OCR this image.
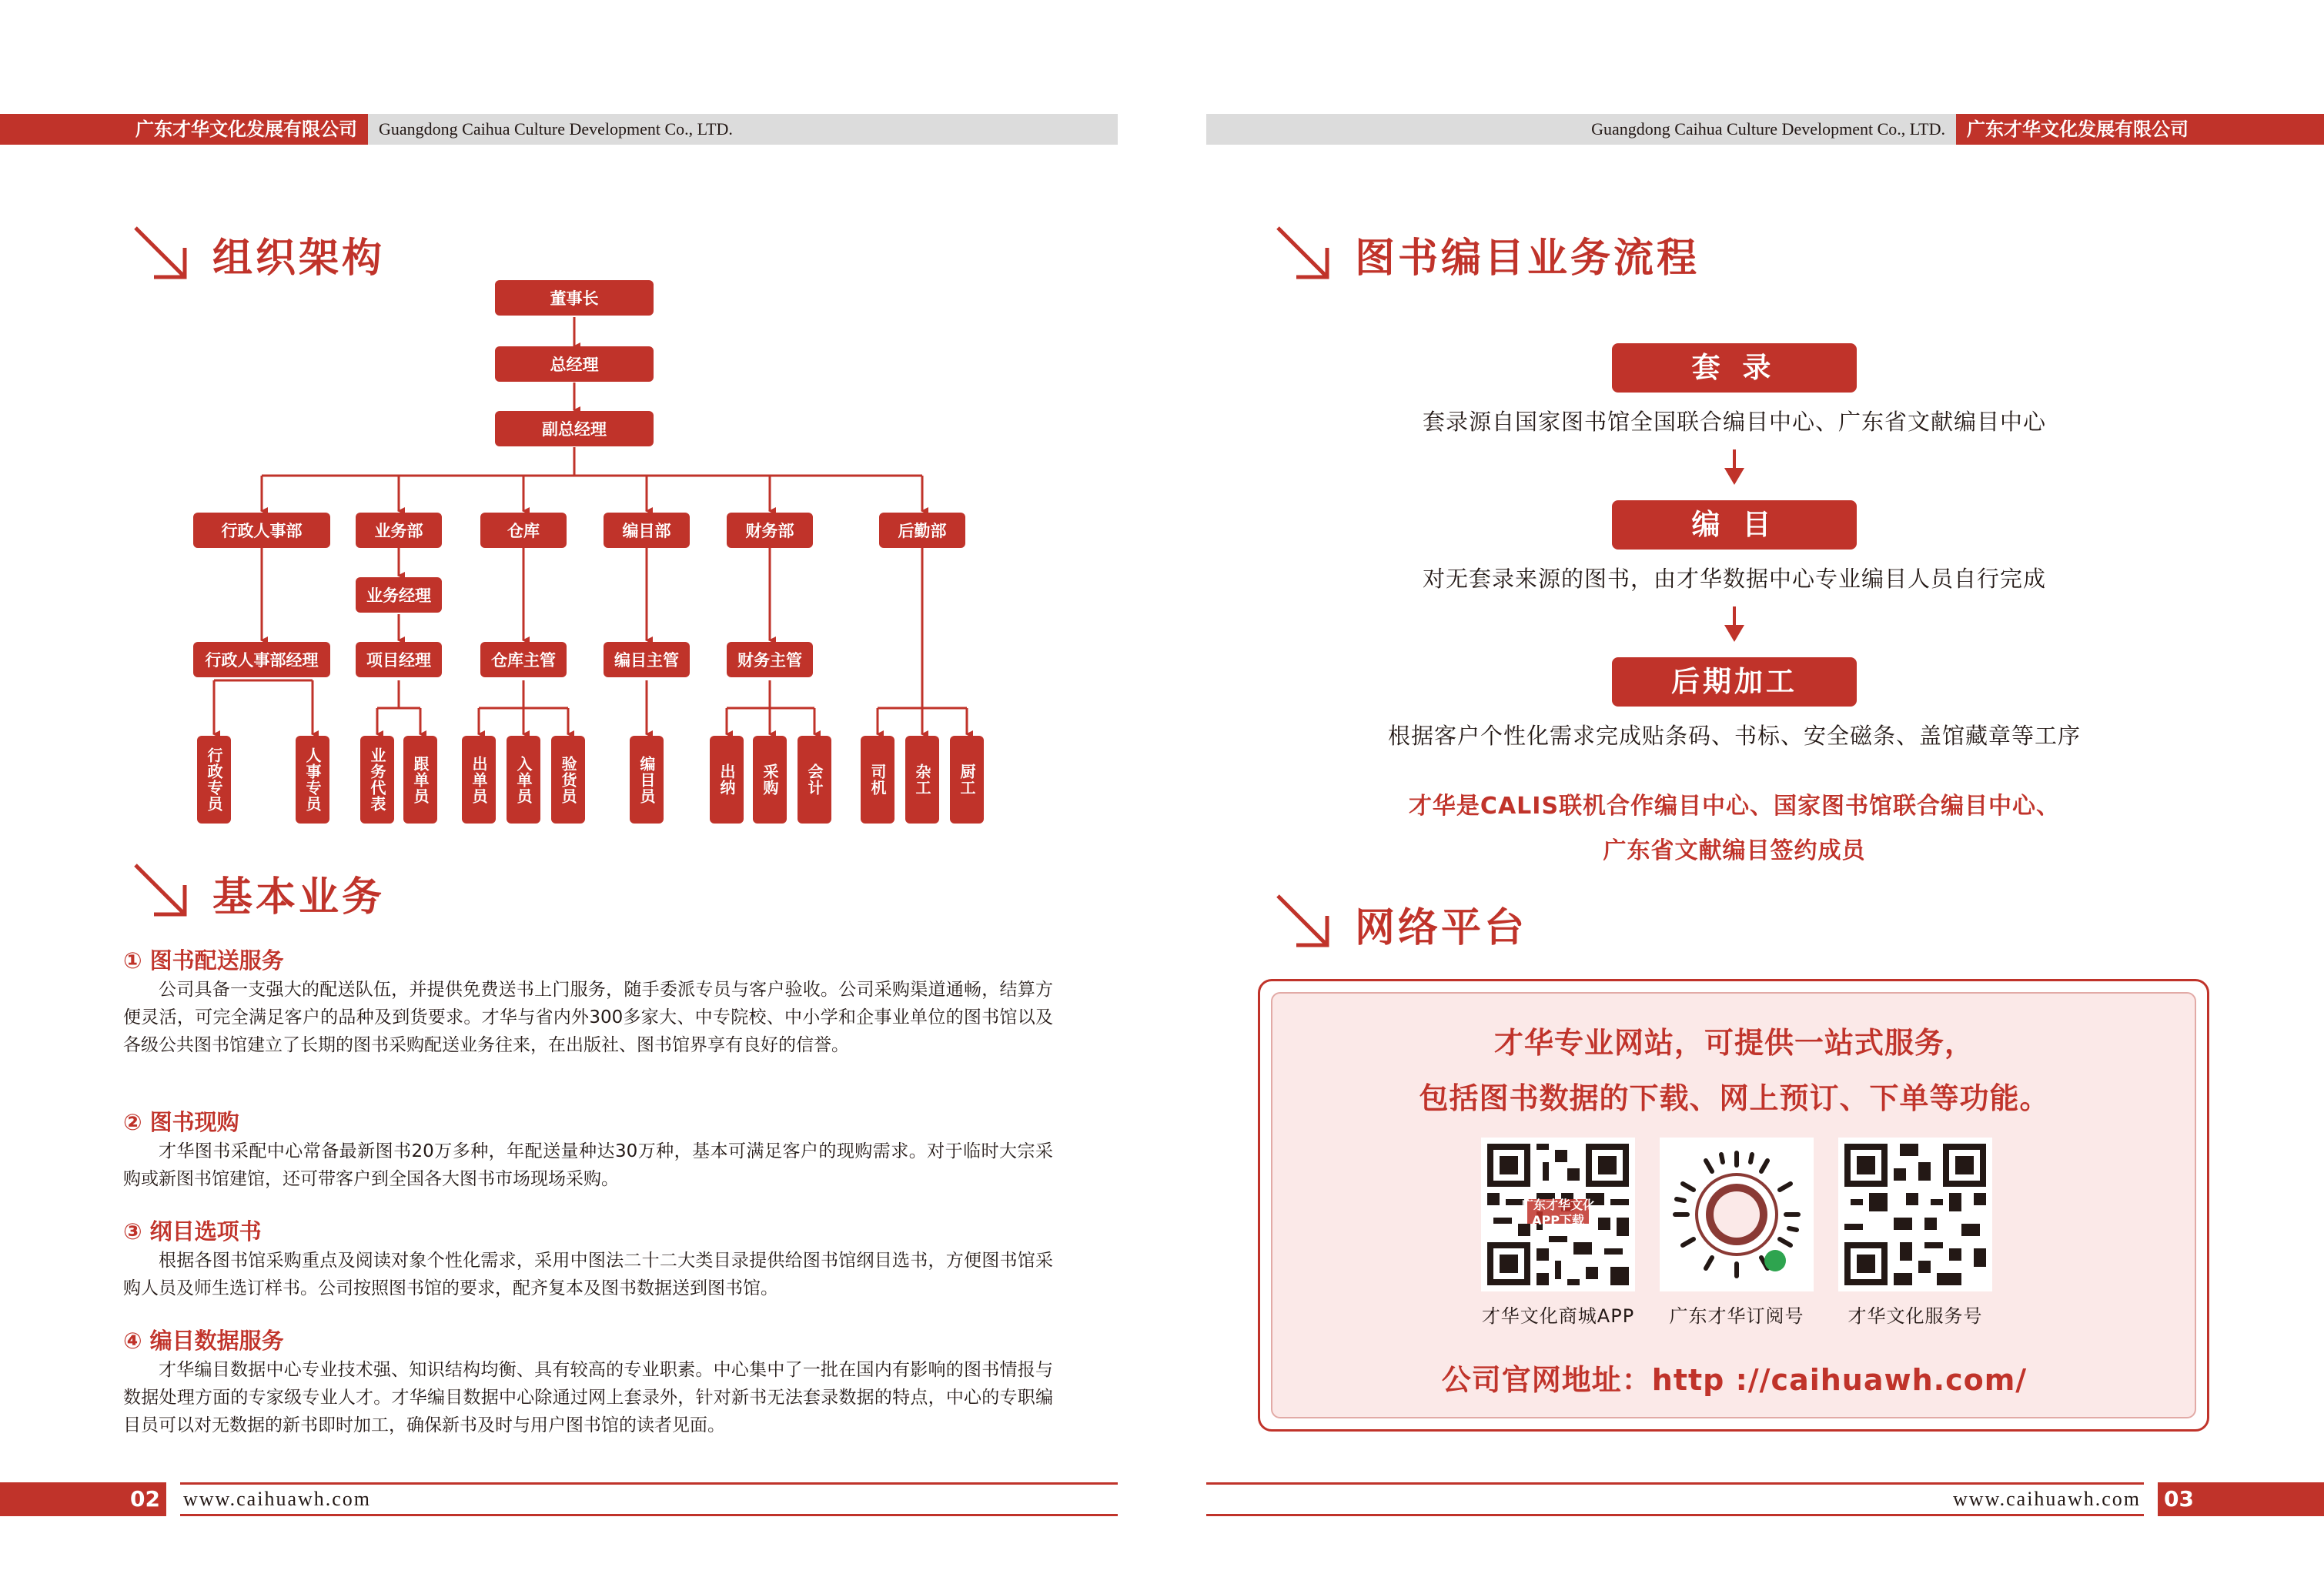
广东才华文化发展有限公司	Guangdong Caihua Culture Development Co., LTD.	Guangdong Caihua Culture Development Co., LTD.	广东才华文化发展有限公司
组织架构
董事长
总经理
副总经理
行政人事部	业务部	仓库	编目部	财务部	后勤部
业务经理
行政人事部经理	项目经理	仓库主管	编目主管	财务主管
行政专员	人事专员	业务代表	跟单员	出单员	入单员	验货员	编目员	出纳	采购	会计	司机	杂工	厨工
基本业务
① 图书配送服务
公司具备一支强大的配送队伍，并提供免费送书上门服务，随手委派专员与客户验收。公司采购渠道通畅，结算方便灵活，可完全满足客户的品种及到货要求。才华与省内外300多家大、中专院校、中小学和企事业单位的图书馆以及各级公共图书馆建立了长期的图书采购配送业务往来，在出版社、图书馆界享有良好的信誉。
② 图书现购
才华图书采配中心常备最新图书20万多种，年配送量种达30万种，基本可满足客户的现购需求。对于临时大宗采购或新图书馆建馆，还可带客户到全国各大图书市场现场采购。
③ 纲目选项书
根据各图书馆采购重点及阅读对象个性化需求，采用中图法二十二大类目录提供给图书馆纲目选书，方便图书馆采购人员及师生选订样书。公司按照图书馆的要求，配齐复本及图书数据送到图书馆。
④ 编目数据服务
才华编目数据中心专业技术强、知识结构均衡、具有较高的专业职素。中心集中了一批在国内有影响的图书情报与数据处理方面的专家级专业人才。才华编目数据中心除通过网上套录外，针对新书无法套录数据的特点，中心的专职编目员可以对无数据的新书即时加工，确保新书及时与用户图书馆的读者见面。
图书编目业务流程
套 录
套录源自国家图书馆全国联合编目中心、广东省文献编目中心
编 目
对无套录来源的图书，由才华数据中心专业编目人员自行完成
后期加工
根据客户个性化需求完成贴条码、书标、安全磁条、盖馆藏章等工序
才华是CALIS联机合作编目中心、国家图书馆联合编目中心、
广东省文献编目签约成员
网络平台
才华专业网站，可提供一站式服务，
包括图书数据的下载、网上预订、下单等功能。
广东才华文化APP下载
才华文化商城APP	广东才华订阅号	才华文化服务号
公司官网地址：http ://caihuawh.com/
02	www.caihuawh.com	www.caihuawh.com 03
